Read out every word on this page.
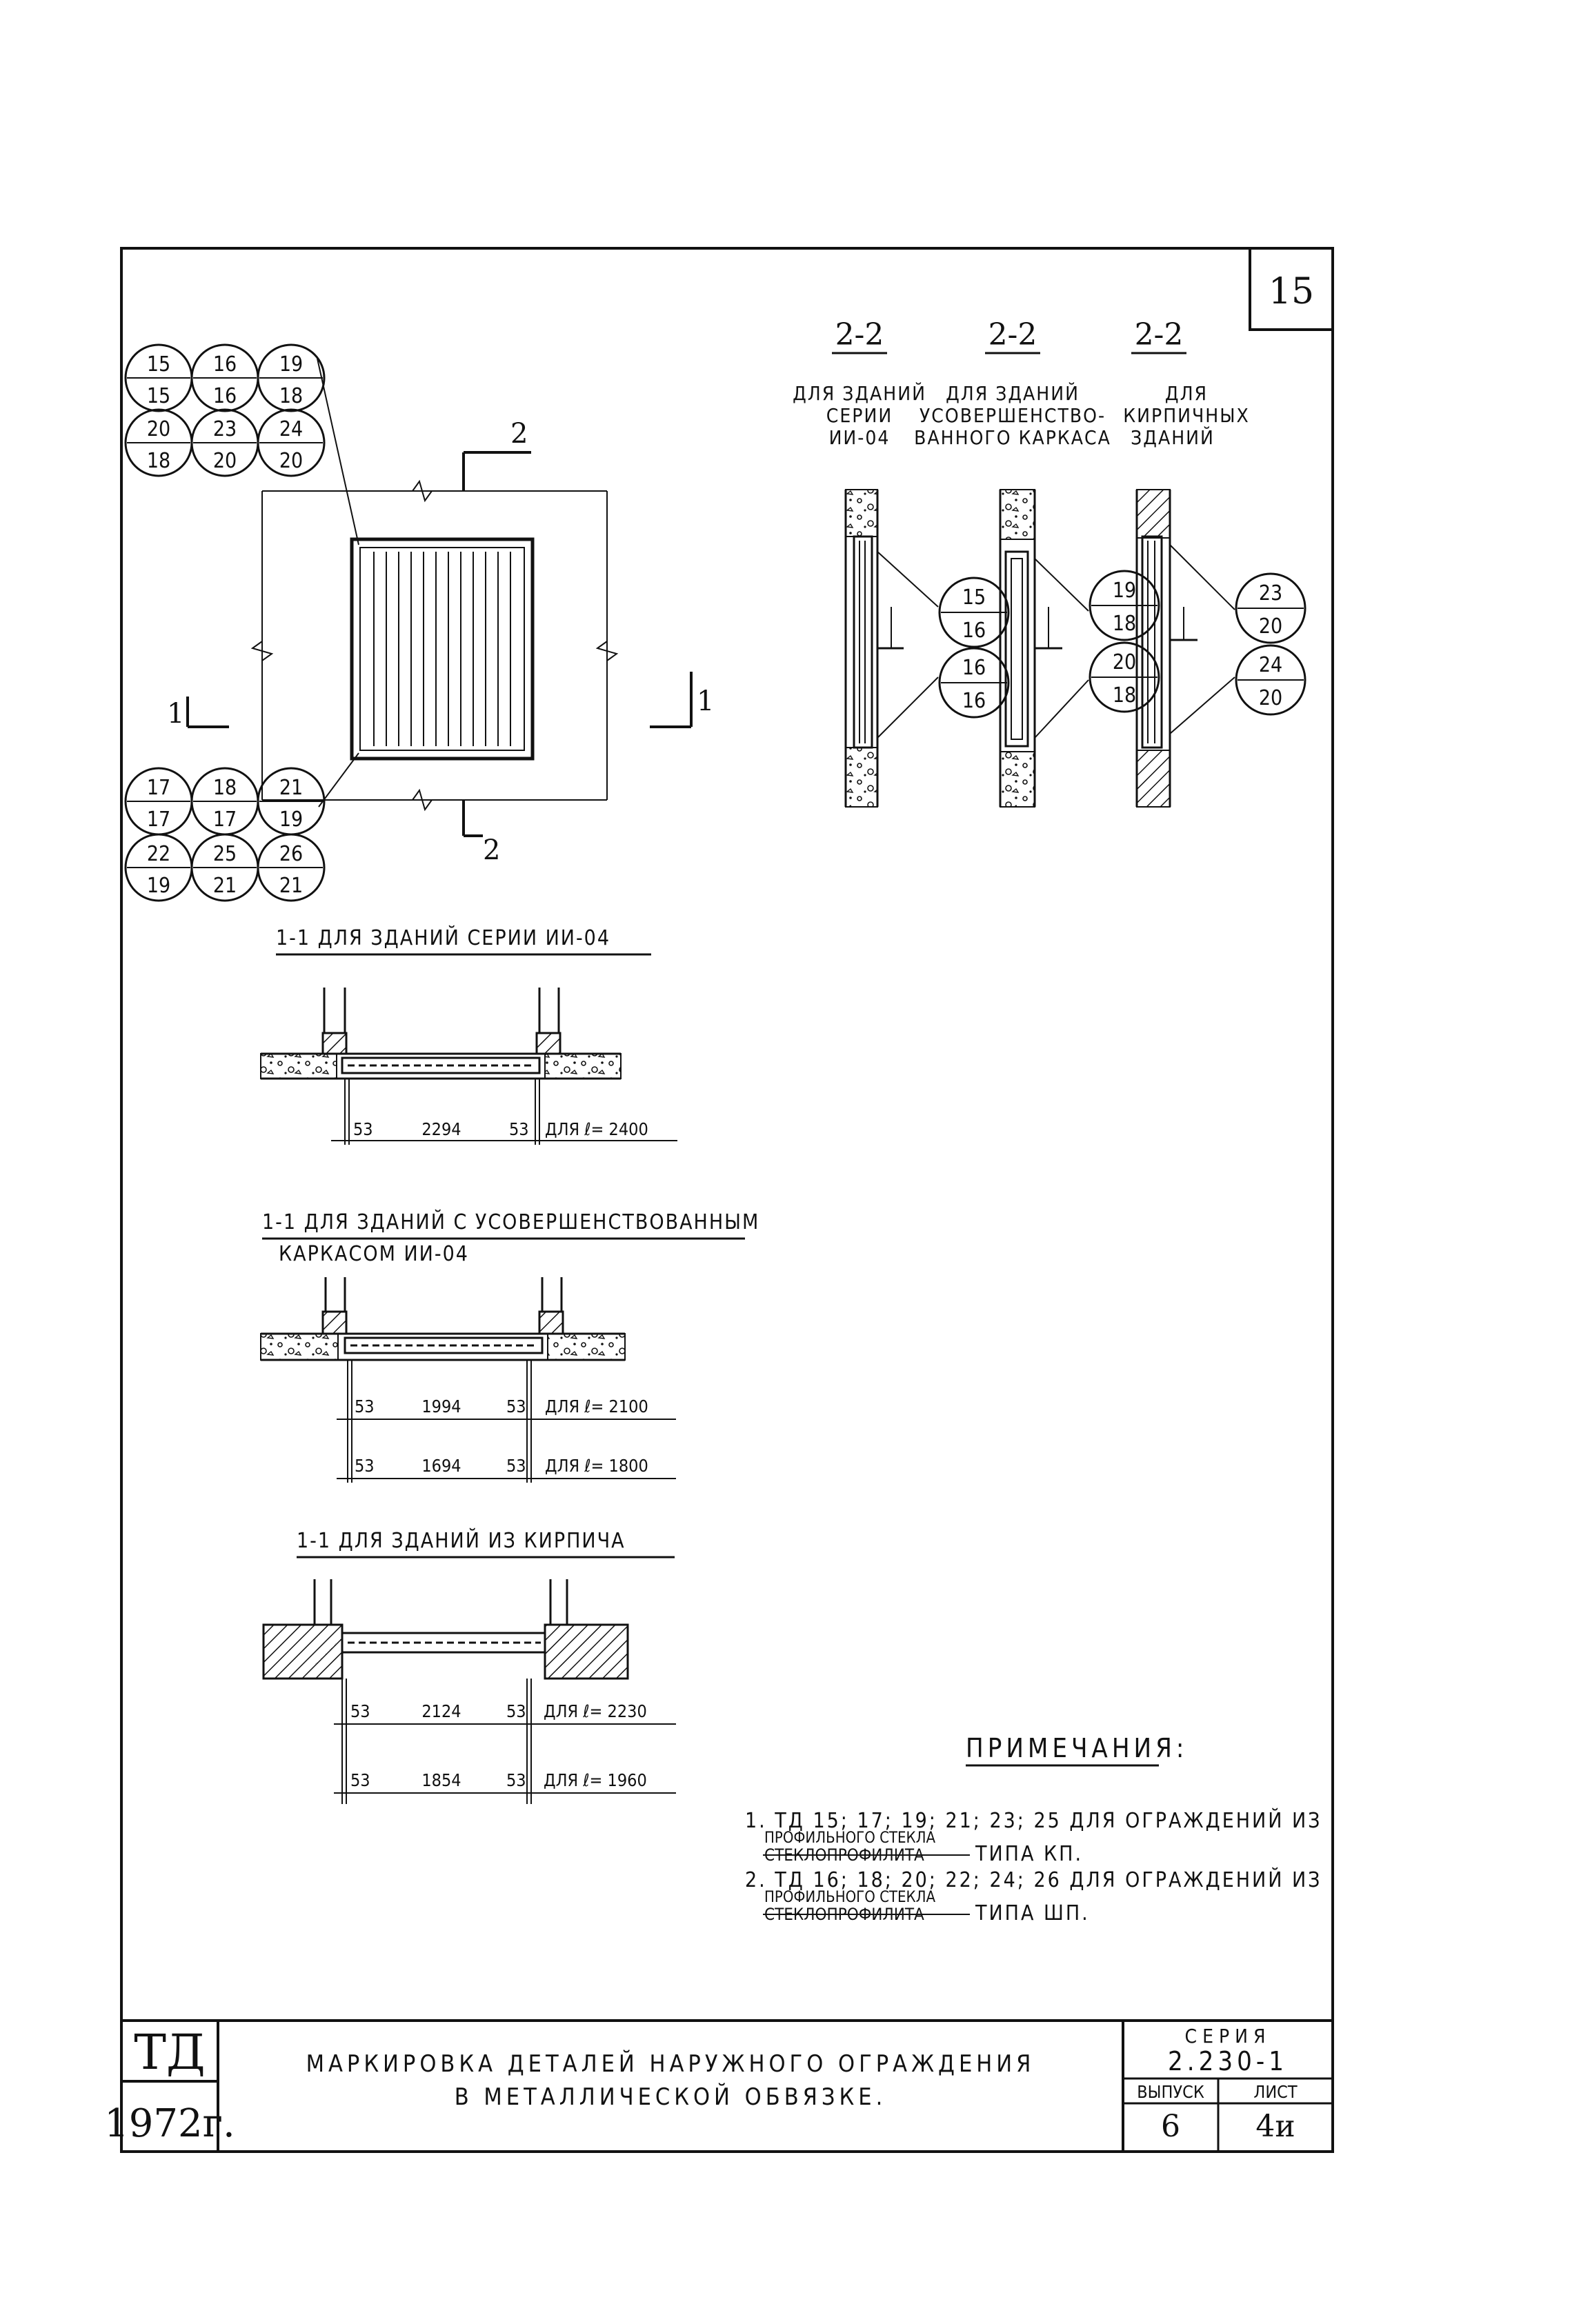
15
2
2
1	1
15
15
16
16
19
18
20
18
23
20
24
20
17
17
18
17
21
19
22
19
25
21
26
21
2-2
ДЛЯ ЗДАНИЙ
СЕРИИ
ИИ-04
2-2
ДЛЯ ЗДАНИЙ
УСОВЕРШЕНСТВО-
ВАННОГО КАРКАСА
2-2
ДЛЯ
КИРПИЧНЫХ
ЗДАНИЙ
15
16
16
16
19
18
20
18
23
20
24
20
1-1 ДЛЯ ЗДАНИЙ СЕРИИ ИИ-04
53	2294	53 ДЛЯ ℓ= 2400
1-1 ДЛЯ ЗДАНИЙ С УСОВЕРШЕНСТВОВАННЫМ
КАРКАСОМ ИИ-04
53	1994	53 ДЛЯ ℓ= 2100
53	1694	53 ДЛЯ ℓ= 1800
1-1 ДЛЯ ЗДАНИЙ ИЗ КИРПИЧА
53	2124	53 ДЛЯ ℓ= 2230
53	1854	53 ДЛЯ ℓ= 1960
ПРИМЕЧАНИЯ:
1. ТД 15; 17; 19; 21; 23; 25 ДЛЯ ОГРАЖДЕНИЙ ИЗ
ПРОФИЛЬНОГО СТЕКЛА
СТЕКЛОПРОФИЛИТА ТИПА КП.
2. ТД 16; 18; 20; 22; 24; 26 ДЛЯ ОГРАЖДЕНИЙ ИЗ
ПРОФИЛЬНОГО СТЕКЛА
СТЕКЛОПРОФИЛИТА ТИПА ШП.
ТД
1972г.
МАРКИРОВКА ДЕТАЛЕЙ НАРУЖНОГО ОГРАЖДЕНИЯ
В МЕТАЛЛИЧЕСКОЙ ОБВЯЗКЕ.
СЕРИЯ
2.230-1
ВЫПУСК	ЛИСТ
6 4и
